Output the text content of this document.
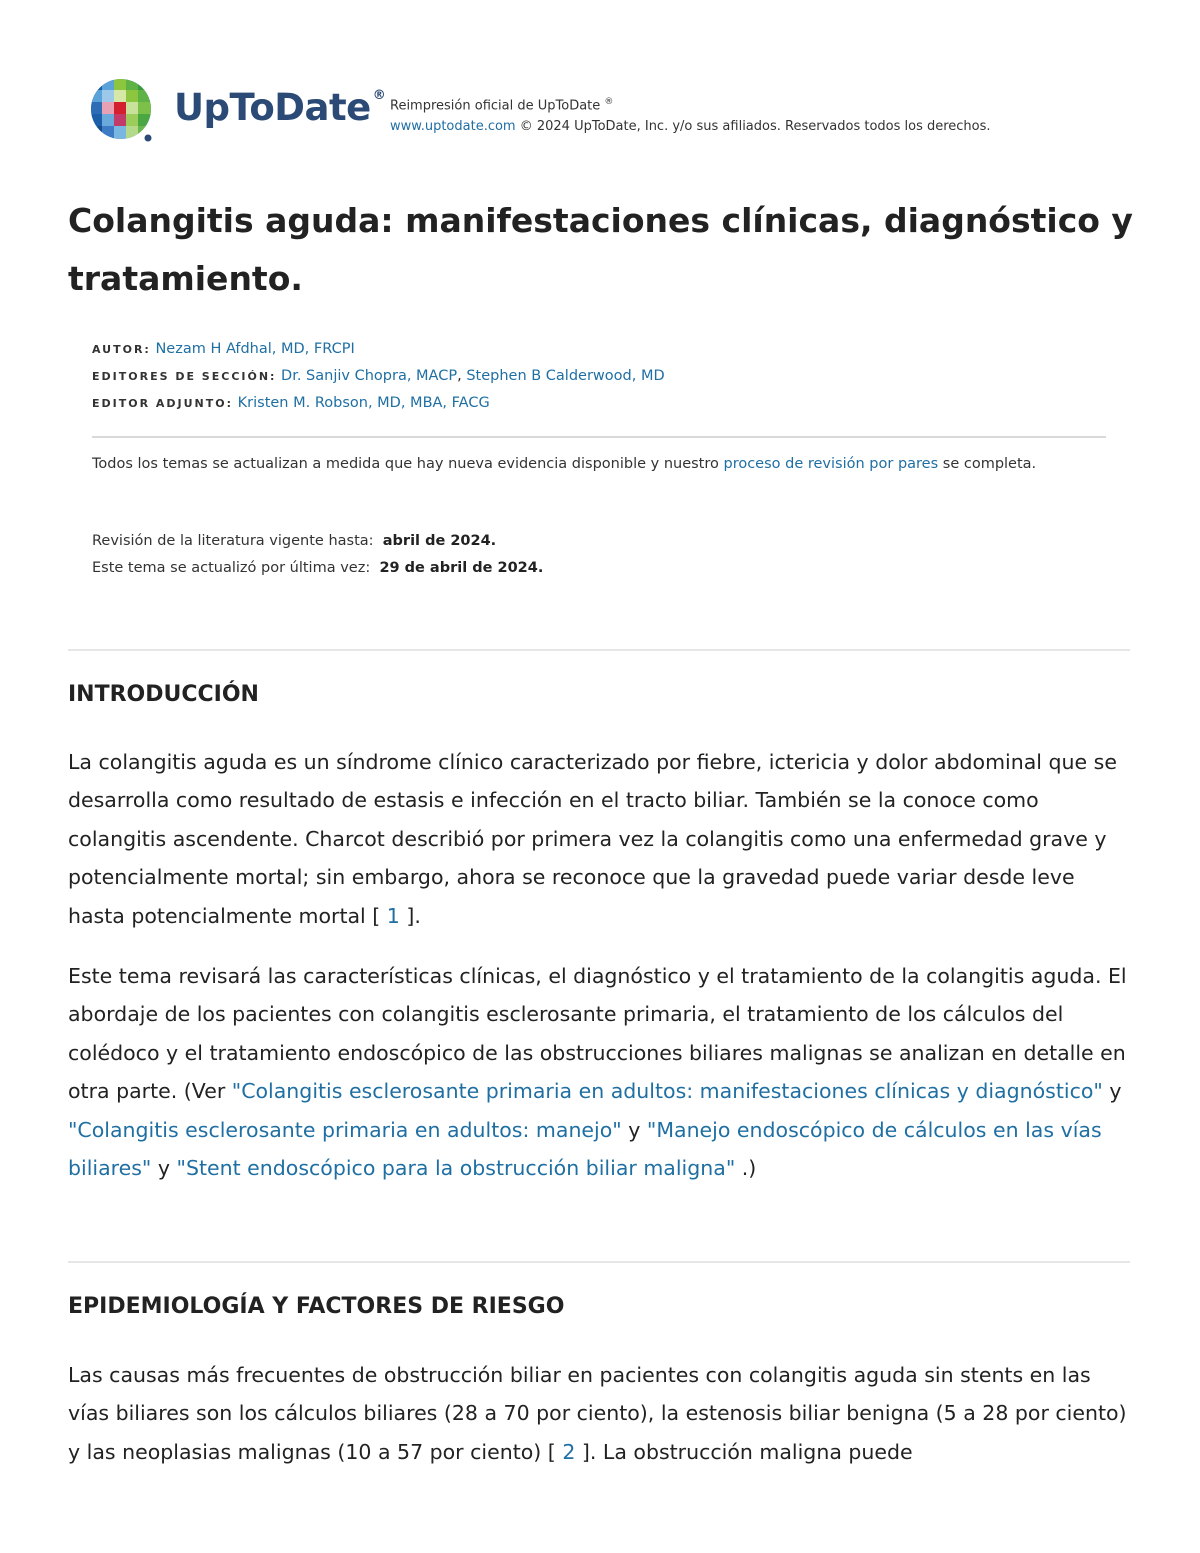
UpToDate ®
Reimpresión oficial de UpToDate ®
www.uptodate.com © 2024 UpToDate, Inc. y/o sus afiliados. Reservados todos los derechos.
Colangitis aguda: manifestaciones clínicas, diagnóstico y tratamiento.
AUTOR: Nezam H Afdhal, MD, FRCPI
EDITORES DE SECCIÓN: Dr. Sanjiv Chopra, MACP, Stephen B Calderwood, MD
EDITOR ADJUNTO: Kristen M. Robson, MD, MBA, FACG
Todos los temas se actualizan a medida que hay nueva evidencia disponible y nuestro proceso de revisión por pares se completa.
Revisión de la literatura vigente hasta: abril de 2024.
Este tema se actualizó por última vez: 29 de abril de 2024.
INTRODUCCIÓN

La colangitis aguda es un síndrome clínico caracterizado por fiebre, ictericia y dolor abdominal que se desarrolla como resultado de estasis e infección en el tracto biliar. También se la conoce como colangitis ascendente. Charcot describió por primera vez la colangitis como una enfermedad grave y potencialmente mortal; sin embargo, ahora se reconoce que la gravedad puede variar desde leve hasta potencialmente mortal [ 1 ].

Este tema revisará las características clínicas, el diagnóstico y el tratamiento de la colangitis aguda. El abordaje de los pacientes con colangitis esclerosante primaria, el tratamiento de los cálculos del colédoco y el tratamiento endoscópico de las obstrucciones biliares malignas se analizan en detalle en otra parte. (Ver "Colangitis esclerosante primaria en adultos: manifestaciones clínicas y diagnóstico" y "Colangitis esclerosante primaria en adultos: manejo" y "Manejo endoscópico de cálculos en las vías biliares" y "Stent endoscópico para la obstrucción biliar maligna" .)

EPIDEMIOLOGÍA Y FACTORES DE RIESGO

Las causas más frecuentes de obstrucción biliar en pacientes con colangitis aguda sin stents en las vías biliares son los cálculos biliares (28 a 70 por ciento), la estenosis biliar benigna (5 a 28 por ciento) y las neoplasias malignas (10 a 57 por ciento) [ 2 ]. La obstrucción maligna puede
